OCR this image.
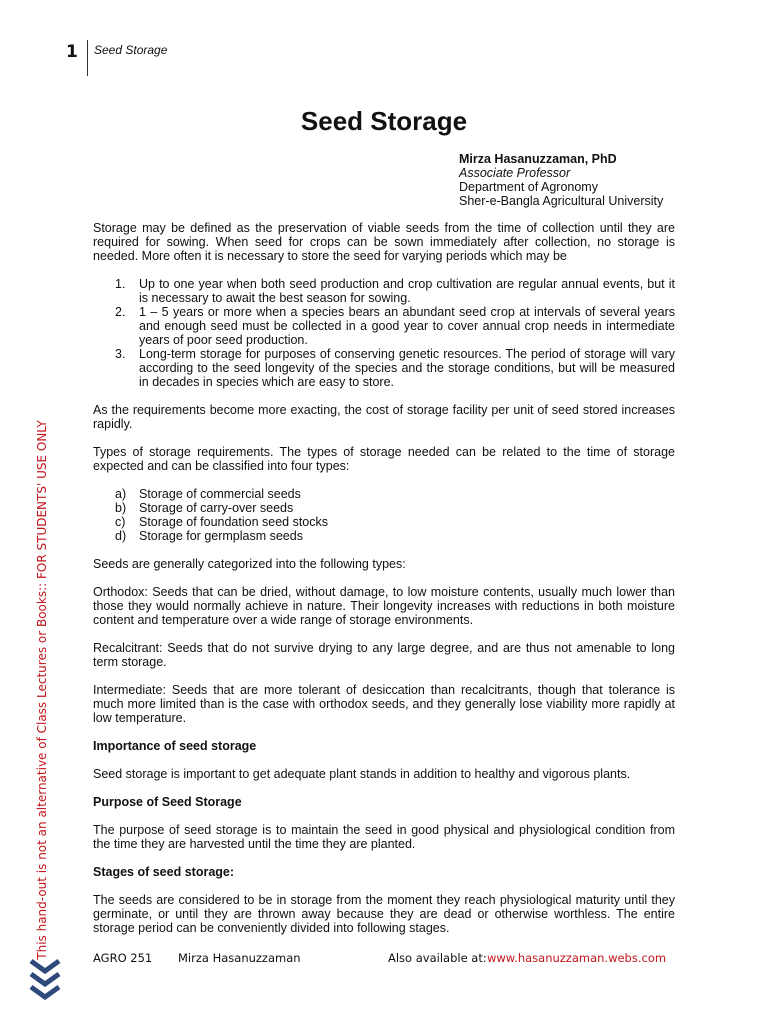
1	Seed Storage
Seed Storage
Mirza Hasanuzzaman, PhD
Associate Professor
Department of Agronomy
Sher-e-Bangla Agricultural University

Storage may be defined as the preservation of viable seeds from the time of collection until they are required for sowing. When seed for crops can be sown immediately after collection, no storage is needed. More often it is necessary to store the seed for varying periods which may be

1. Up to one year when both seed production and crop cultivation are regular annual events, but it is necessary to await the best season for sowing.
2. 1 – 5 years or more when a species bears an abundant seed crop at intervals of several years and enough seed must be collected in a good year to cover annual crop needs in intermediate years of poor seed production.
3. Long-term storage for purposes of conserving genetic resources. The period of storage will vary according to the seed longevity of the species and the storage conditions, but will be measured in decades in species which are easy to store.

As the requirements become more exacting, the cost of storage facility per unit of seed stored increases rapidly.

Types of storage requirements. The types of storage needed can be related to the time of storage expected and can be classified into four types:

a) Storage of commercial seeds
b) Storage of carry-over seeds
c) Storage of foundation seed stocks
d) Storage for germplasm seeds

Seeds are generally categorized into the following types:

Orthodox: Seeds that can be dried, without damage, to low moisture contents, usually much lower than those they would normally achieve in nature. Their longevity increases with reductions in both moisture content and temperature over a wide range of storage environments.

Recalcitrant: Seeds that do not survive drying to any large degree, and are thus not amenable to long term storage.

Intermediate: Seeds that are more tolerant of desiccation than recalcitrants, though that tolerance is much more limited than is the case with orthodox seeds, and they generally lose viability more rapidly at low temperature.

Importance of seed storage

Seed storage is important to get adequate plant stands in addition to healthy and vigorous plants.

Purpose of Seed Storage

The purpose of seed storage is to maintain the seed in good physical and physiological condition from the time they are harvested until the time they are planted.

Stages of seed storage:

The seeds are considered to be in storage from the moment they reach physiological maturity until they germinate, or until they are thrown away because they are dead or otherwise worthless. The entire storage period can be conveniently divided into following stages.

This hand-out is not an alternative of Class Lectures or Books:: FOR STUDENTS' USE ONLY	AGRO 251 Mirza Hasanuzzaman	Also available at: www.hasanuzzaman.webs.com
